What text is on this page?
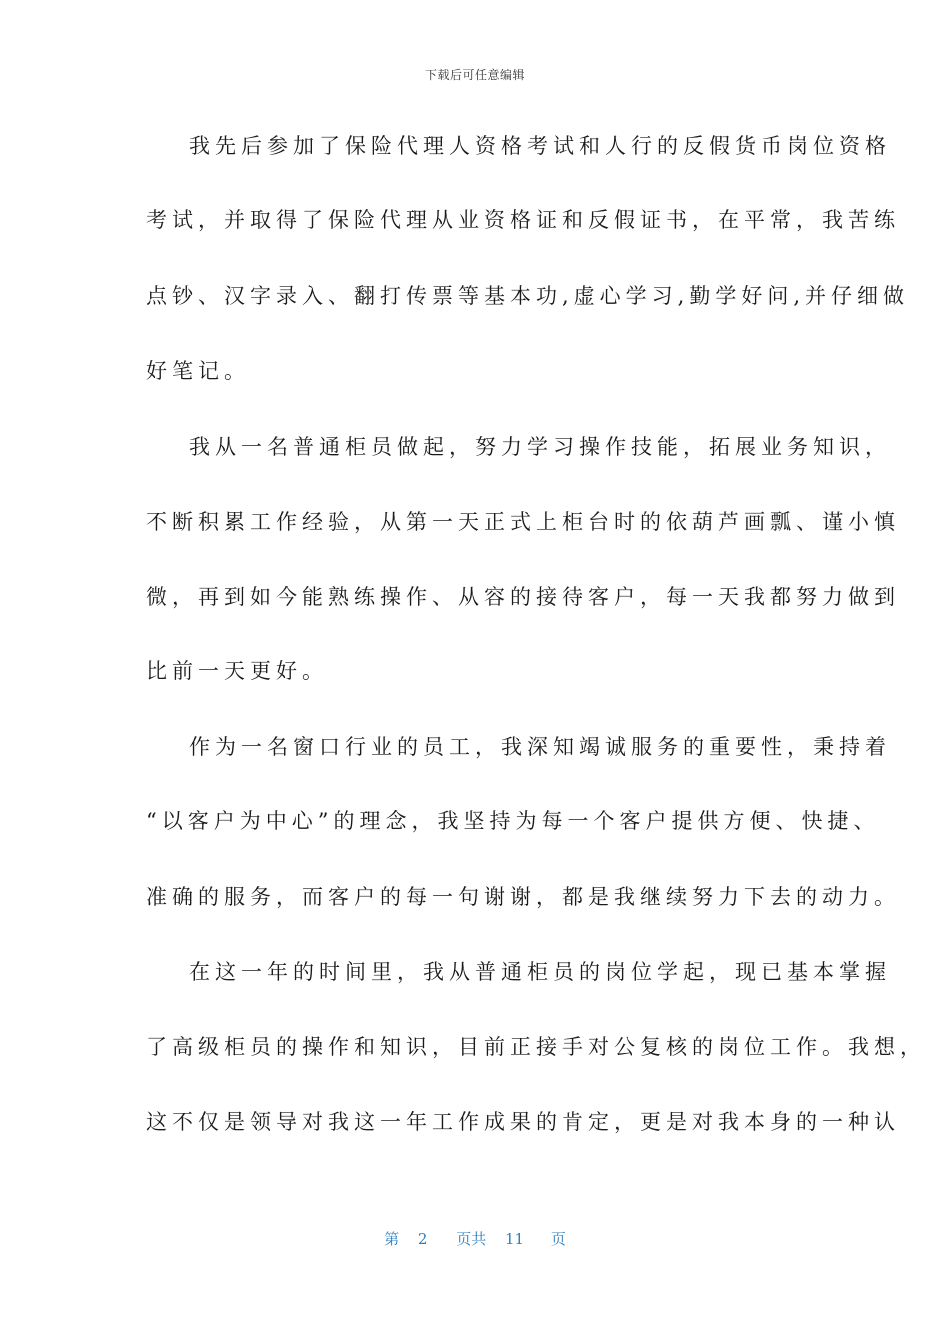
下载后可任意编辑
我先后参加了保险代理人资格考试和人行的反假货币岗位资格
考试，并取得了保险代理从业资格证和反假证书，在平常，我苦练
点钞、汉字录入、翻打传票等基本功,虚心学习,勤学好问,并仔细做
好笔记。
我从一名普通柜员做起，努力学习操作技能，拓展业务知识，
不断积累工作经验，从第一天正式上柜台时的依葫芦画瓢、谨小慎
微，再到如今能熟练操作、从容的接待客户，每一天我都努力做到
比前一天更好。
作为一名窗口行业的员工，我深知竭诚服务的重要性，秉持着
“以客户为中心”的理念，我坚持为每一个客户提供方便、快捷、
准确的服务，而客户的每一句谢谢，都是我继续努力下去的动力。
在这一年的时间里，我从普通柜员的岗位学起，现已基本掌握
了高级柜员的操作和知识，目前正接手对公复核的岗位工作。我想，
这不仅是领导对我这一年工作成果的肯定，更是对我本身的一种认
第 2 页共 11 页
